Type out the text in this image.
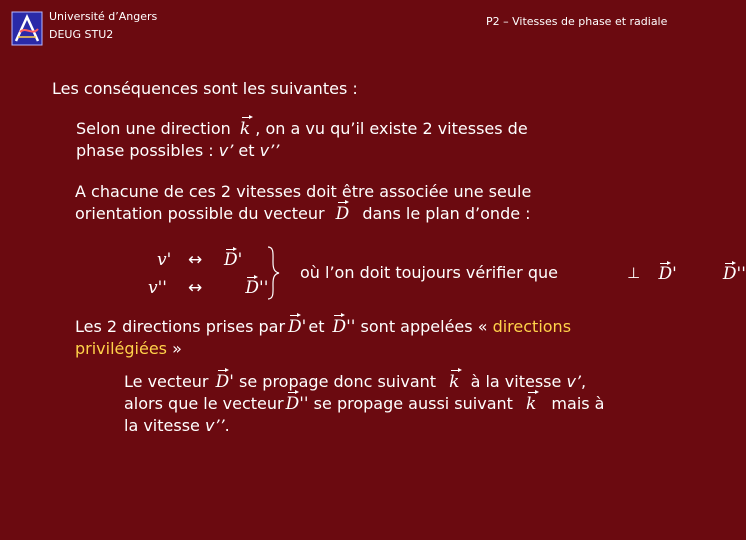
Université d’Angers
DEUG STU2
P2 – Vitesses de phase et radiale
Les conséquences sont les suivantes :
Selon une direction k , on a vu qu’il existe 2 vitesses de
phase possibles : v’ et v’’
A chacune de ces 2 vitesses doit être associée une seule
orientation possible du vecteur D dans le plan d’onde :
v' ↔ D'
v'' ↔	D''
où l’on doit toujours vérifier que	D'
⊥	D''
Les 2 directions prises par D' et D'' sont appelées « directions
privilégiées »
Le vecteur D' se propage donc suivant k à la vitesse v’,
alors que le vecteur D'' se propage aussi suivant k mais à
la vitesse v’’.
